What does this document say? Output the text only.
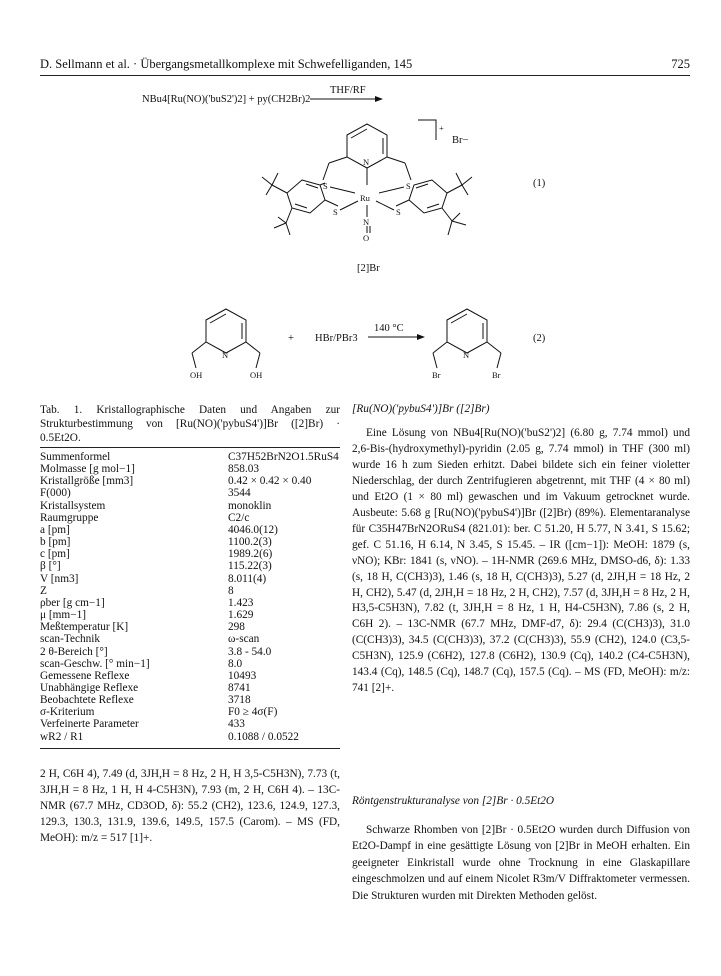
D. Sellmann et al. · Übergangsmetallkomplexe mit Schwefelliganden, 145	725
NBu4[Ru(NO)('buS2')2] + py(CH2Br)2
THF/RF
+
Br−
N
S	S
S	S
Ru
N
O
(1)
[2]Br
N
OH	OH
+ HBr/PBr3
140 °C
N
Br	Br
(2)
Tab. 1. Kristallographische Daten und Angaben zur Strukturbestimmung von [Ru(NO)('pybuS4')]Br ([2]Br) · 0.5Et2O.
Summenformel	C37H52BrN2O1.5RuS4
Molmasse [g mol−1]	858.03
Kristallgröße [mm3]	0.42 × 0.42 × 0.40
F(000)	3544
Kristallsystem	monoklin
Raumgruppe	C2/c
a [pm]	4046.0(12)
b [pm]	1100.2(3)
c [pm]	1989.2(6)
β [°]	115.22(3)
V [nm3]	8.011(4)
Z	8
ρber [g cm−1]	1.423
μ [mm−1]	1.629
Meßtemperatur [K]	298
scan-Technik	ω-scan
2 θ-Bereich [°]	3.8 - 54.0
scan-Geschw. [° min−1]	8.0
Gemessene Reflexe	10493
Unabhängige Reflexe	8741
Beobachtete Reflexe	3718
σ-Kriterium	F0 ≥ 4σ(F)
Verfeinerte Parameter	433
wR2 / R1	0.1088 / 0.0522
2 H, C6H 4), 7.49 (d, 3JH,H = 8 Hz, 2 H, H 3,5-C5H3N), 7.73 (t, 3JH,H = 8 Hz, 1 H, H 4-C5H3N), 7.93 (m, 2 H, C6H 4). – 13C-NMR (67.7 MHz, CD3OD, δ): 55.2 (CH2), 123.6, 124.9, 127.3, 129.3, 130.3, 131.9, 139.6, 149.5, 157.5 (Carom). – MS (FD, MeOH): m/z = 517 [1]+.
[Ru(NO)('pybuS4')]Br ([2]Br)
Eine Lösung von NBu4[Ru(NO)('buS2')2] (6.80 g, 7.74 mmol) und 2,6-Bis-(hydroxymethyl)-pyridin (2.05 g, 7.74 mmol) in THF (300 ml) wurde 16 h zum Sieden erhitzt. Dabei bildete sich ein feiner violetter Niederschlag, der durch Zentrifugieren abgetrennt, mit THF (4 × 80 ml) und Et2O (1 × 80 ml) gewaschen und im Vakuum getrocknet wurde. Ausbeute: 5.68 g [Ru(NO)('pybuS4')]Br ([2]Br) (89%). Elementaranalyse für C35H47BrN2ORuS4 (821.01): ber. C 51.20, H 5.77, N 3.41, S 15.62; gef. C 51.16, H 6.14, N 3.45, S 15.45. – IR ([cm−1]): MeOH: 1879 (s, νNO); KBr: 1841 (s, νNO). – 1H-NMR (269.6 MHz, DMSO-d6, δ): 1.33 (s, 18 H, C(CH3)3), 1.46 (s, 18 H, C(CH3)3), 5.27 (d, 2JH,H = 18 Hz, 2 H, CH2), 5.47 (d, 2JH,H = 18 Hz, 2 H, CH2), 7.57 (d, 3JH,H = 8 Hz, 2 H, H3,5-C5H3N), 7.82 (t, 3JH,H = 8 Hz, 1 H, H4-C5H3N), 7.86 (s, 2 H, C6H 2). – 13C-NMR (67.7 MHz, DMF-d7, δ): 29.4 (C(CH3)3), 31.0 (C(CH3)3), 34.5 (C(CH3)3), 37.2 (C(CH3)3), 55.9 (CH2), 124.0 (C3,5-C5H3N), 125.9 (C6H2), 127.8 (C6H2), 130.9 (Cq), 140.2 (C4-C5H3N), 143.4 (Cq), 148.5 (Cq), 148.7 (Cq), 157.5 (Cq). – MS (FD, MeOH): m/z: 741 [2]+.
Röntgenstrukturanalyse von [2]Br · 0.5Et2O
Schwarze Rhomben von [2]Br · 0.5Et2O wurden durch Diffusion von Et2O-Dampf in eine gesättigte Lösung von [2]Br in MeOH erhalten. Ein geeigneter Einkristall wurde ohne Trocknung in eine Glaskapillare eingeschmolzen und auf einem Nicolet R3m/V Diffraktometer vermessen. Die Strukturen wurden mit Direkten Methoden gelöst.
